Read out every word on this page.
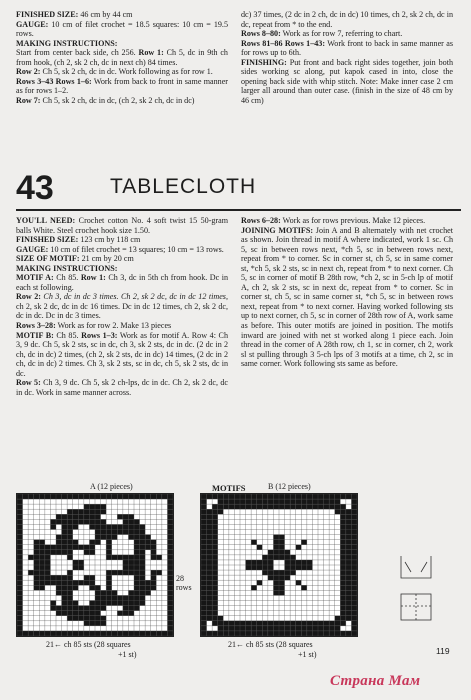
FINISHED SIZE: 46 cm by 44 cm

GAUGE: 10 cm of filet crochet = 18.5 squares: 10 cm = 19.5 rows.

MAKING INSTRUCTIONS:

Start from center back side, ch 256. Row 1: Ch 5, dc in 9th ch from hook, (ch 2, sk 2 ch, dc in next ch) 84 times.

Row 2: Ch 5, sk 2 ch, dc in dc. Work following as for row 1.

Rows 3–43 Rows 1–6: Work from back to front in same manner as for rows 1–2.

Row 7: Ch 5, sk 2 ch, dc in dc, (ch 2, sk 2 ch, dc in dc)

dc) 37 times, (2 dc in 2 ch, dc in dc) 10 times, ch 2, sk 2 ch, dc in dc, repeat from * to the end.

Rows 8–80: Work as for row 7, referring to chart.

Rows 81–86 Rows 1–43: Work front to back in same manner as for rows up to 6th.

FINISHING: Put front and back right sides together, join both sides working sc along, put kapok cased in into, close the opening back side with whip stitch. Note: Make inner case 2 cm larger all around than outer case. (finish in the size of 48 cm by 46 cm)

43	TABLECLOTH

YOU'LL NEED: Crochet cotton No. 4 soft twist 15 50-gram balls White. Steel crochet hook size 1.50.

FINISHED SIZE: 123 cm by 118 cm

GAUGE: 10 cm of filet crochet = 13 squares; 10 cm = 13 rows.

SIZE OF MOTIF: 21 cm by 20 cm

MAKING INSTRUCTIONS:

MOTIF A: Ch 85. Row 1: Ch 3, dc in 5th ch from hook. Dc in each st following.

Row 2: Ch 3, dc in dc 3 times. Ch 2, sk 2 dc, dc in dc 12 times, ch 2, sk 2 dc, dc in dc 16 times. Dc in dc 12 times, ch 2, sk 2 dc, dc in dc. Dc in dc 3 times.

Rows 3–28: Work as for row 2. Make 13 pieces

MOTIF B: Ch 85. Rows 1–3: Work as for motif A. Row 4: Ch 3, 9 dc. Ch 5, sk 2 sts, sc in dc, ch 3, sk 2 sts, dc in dc. (2 dc in 2 ch, dc in dc) 2 times, (ch 2, sk 2 sts, dc in dc) 14 times, (2 dc in 2 ch, dc in dc) 2 times. Ch 3, sk 2 sts, sc in dc, ch 5, sk 2 sts, dc in dc.

Row 5: Ch 3, 9 dc. Ch 5, sk 2 ch-lps, dc in dc. Ch 2, sk 2 dc, dc in dc. Work in same manner across.

Rows 6–28: Work as for rows previous. Make 12 pieces.

JOINING MOTIFS: Join A and B alternately with net crochet as shown. Join thread in motif A where indicated, work 1 sc. Ch 5, sc in between rows next, *ch 5, sc in between rows next, repeat from * to corner. Sc in corner st, ch 5, sc in same corner st, *ch 5, sk 2 sts, sc in next ch, repeat from * to next corner. Ch 5, sc in corner of motif B 28th row, *ch 2, sc in 5-ch lp of motif A, ch 2, sk 2 sts, sc in next dc, repeat from * to corner. Sc in corner st, ch 5, sc in same corner st, *ch 5, sc in between rows next, repeat from * to next corner. Having worked following sts up to next corner, ch 5, sc in corner of 28th row of A, work same as before. This outer motifs are joined in position. The motifs inward are joined with net st worked along 1 piece each. Join thread in the corner of A 28th row, ch 1, sc in corner, ch 2, work sl st pulling through 3 5-ch lps of 3 motifs at a time, ch 2, sc in same corner. Work following sts same as before.

MOTIFS
A (12 pieces)	B (12 pieces)
28
rows
21← ch 85 sts (28 squares
+1 st)
21← ch 85 sts (28 squares
+1 st)	119
Страна Мам
